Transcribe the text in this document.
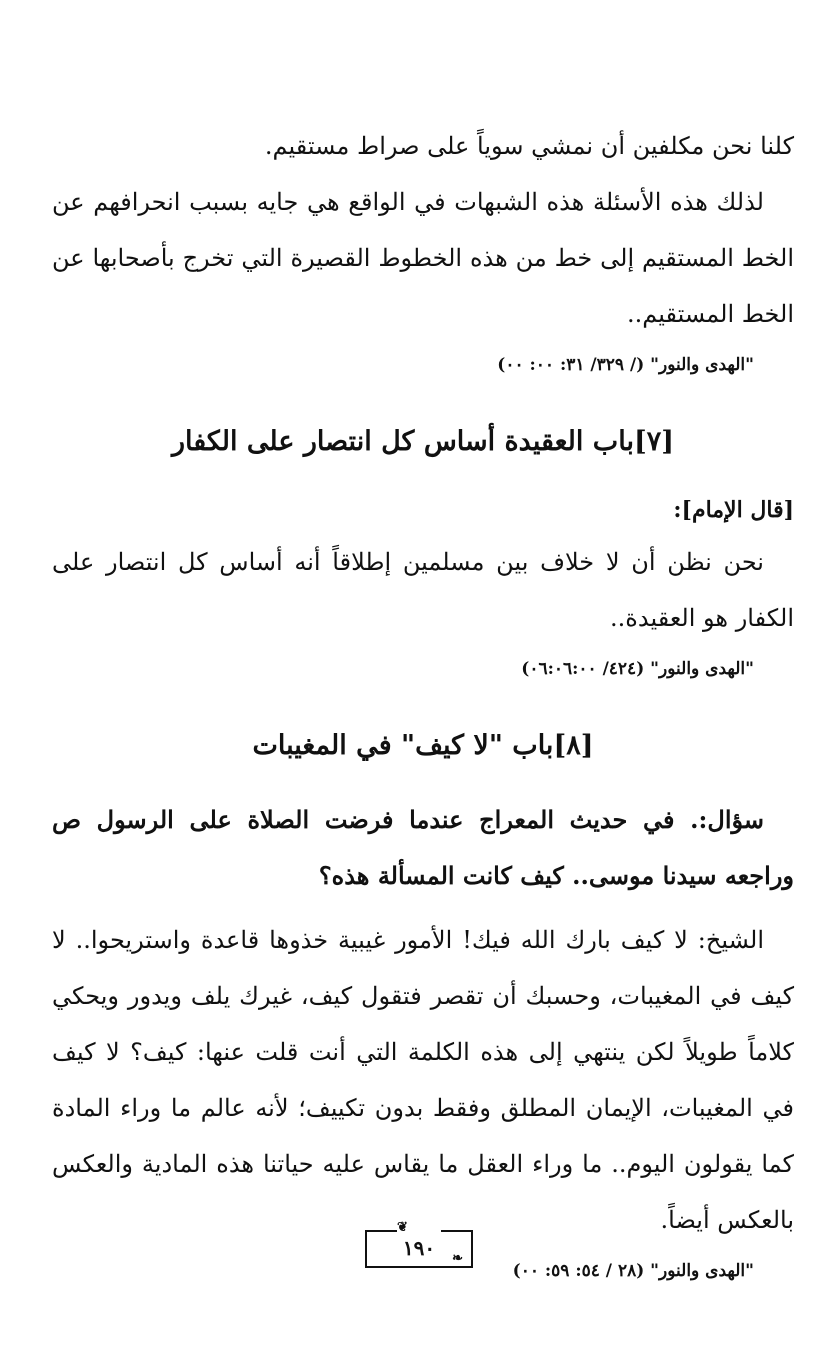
كلنا نحن مكلفين أن نمشي سوياً على صراط مستقيم.

لذلك هذه الأسئلة هذه الشبهات في الواقع هي جايه بسبب انحرافهم عن الخط المستقيم إلى خط من هذه الخطوط القصيرة التي تخرج بأصحابها عن الخط المستقيم..

"الهدى والنور" (/ ٣٢٩/ ٣١: ٠٠: ٠٠)

[٧]باب العقيدة أساس كل انتصار على الكفار

[قال الإمام]:

نحن نظن أن لا خلاف بين مسلمين إطلاقاً أنه أساس كل انتصار على الكفار هو العقيدة..

"الهدى والنور" (٤٢٤/ ٠٦:٠٦:٠٠)

[٨]باب "لا كيف" في المغيبات

سؤال:. في حديث المعراج عندما فرضت الصلاة على الرسول ص وراجعه سيدنا موسى.. كيف كانت المسألة هذه؟

الشيخ: لا كيف بارك الله فيك! الأمور غيبية خذوها قاعدة واستريحوا.. لا كيف في المغيبات، وحسبك أن تقصر فتقول كيف، غيرك يلف ويدور ويحكي كلاماً طويلاً لكن ينتهي إلى هذه الكلمة التي أنت قلت عنها: كيف؟ لا كيف في المغيبات، الإيمان المطلق وفقط بدون تكييف؛ لأنه عالم ما وراء المادة كما يقولون اليوم.. ما وراء العقل ما يقاس عليه حياتنا هذه المادية والعكس بالعكس أيضاً.

"الهدى والنور" (٢٨ / ٥٤: ٥٩: ٠٠)

❦
١٩٠ ❧
